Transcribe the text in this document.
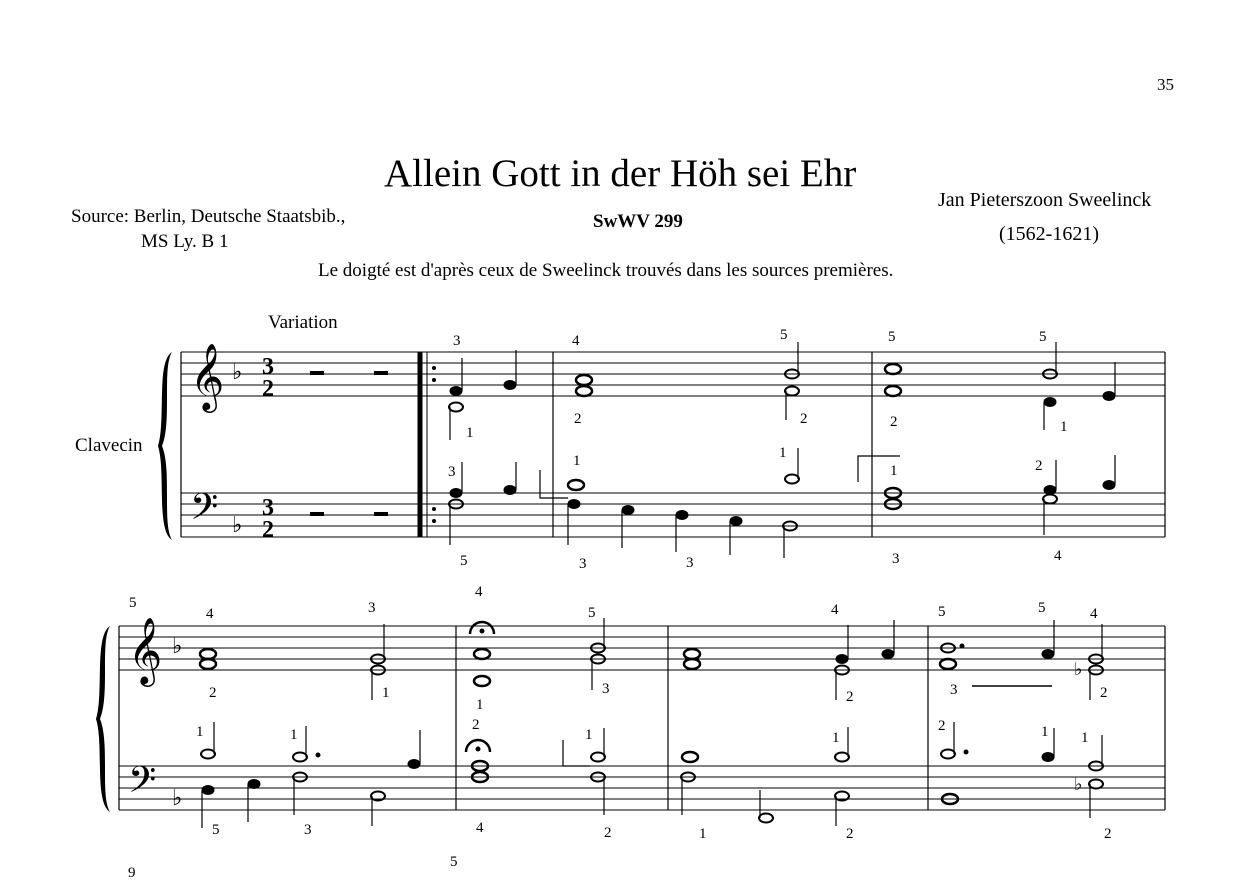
35
Allein Gott in der Höh sei Ehr
SwWV 299
Jan Pieterszoon Sweelinck
(1562-1621)
Source: Berlin, Deutsche Staatsbib.,
MS Ly. B 1
Le doigté est d'après ceux de Sweelinck trouvés dans les sources premières.
Variation
Clavecin
9
𝄞
𝄢
♭
♭
3
2
3
2
3
1
4
2
5
2
5
2
5
1
3
5
1
3	3
1
1
3
2
4
𝄞
𝄢
♭
♭
♭
♭
5
4
2
3
1
4
1
5
3
4
2
5
3
5	4
2
1
5
1
3
2
4
5
1
2	1
1
2
2	1 1
2
